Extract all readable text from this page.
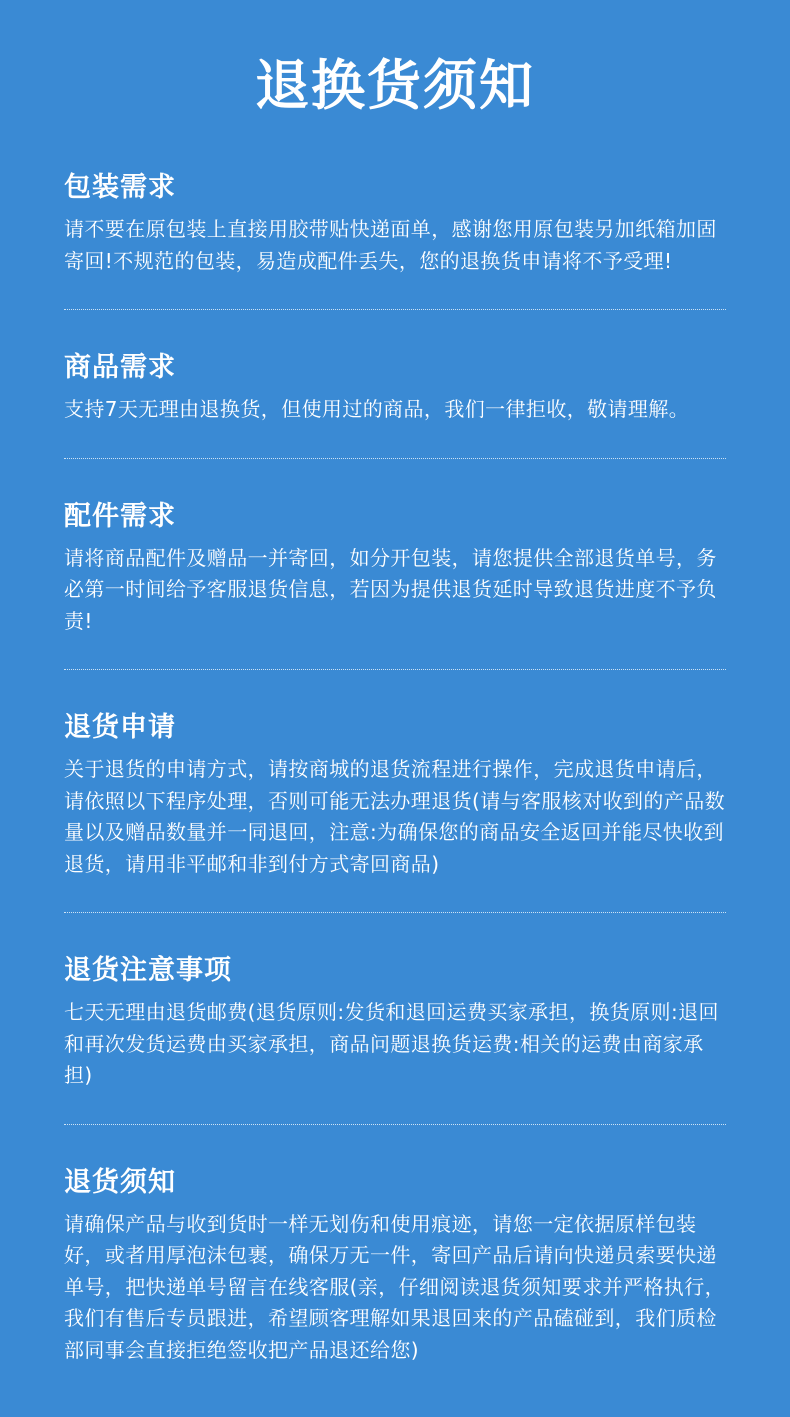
退换货须知
包装需求

请不要在原包装上直接用胶带贴快递面单，感谢您用原包装另加纸箱加固寄回!不规范的包装，易造成配件丢失，您的退换货申请将不予受理!

商品需求

支持7天无理由退换货，但使用过的商品，我们一律拒收，敬请理解。

配件需求

请将商品配件及赠品一并寄回，如分开包装，请您提供全部退货单号，务必第一时间给予客服退货信息，若因为提供退货延时导致退货进度不予负责!

退货申请

关于退货的申请方式，请按商城的退货流程进行操作，完成退货申请后，请依照以下程序处理，否则可能无法办理退货(请与客服核对收到的产品数量以及赠品数量并一同退回，注意:为确保您的商品安全返回并能尽快收到退货，请用非平邮和非到付方式寄回商品)

退货注意事项

七天无理由退货邮费(退货原则:发货和退回运费买家承担，换货原则:退回和再次发货运费由买家承担，商品问题退换货运费:相关的运费由商家承担)

退货须知

请确保产品与收到货时一样无划伤和使用痕迹，请您一定依据原样包装好，或者用厚泡沫包裹，确保万无一件，寄回产品后请向快递员索要快递单号，把快递单号留言在线客服(亲，仔细阅读退货须知要求并严格执行，我们有售后专员跟进，希望顾客理解如果退回来的产品磕碰到，我们质检部同事会直接拒绝签收把产品退还给您)
